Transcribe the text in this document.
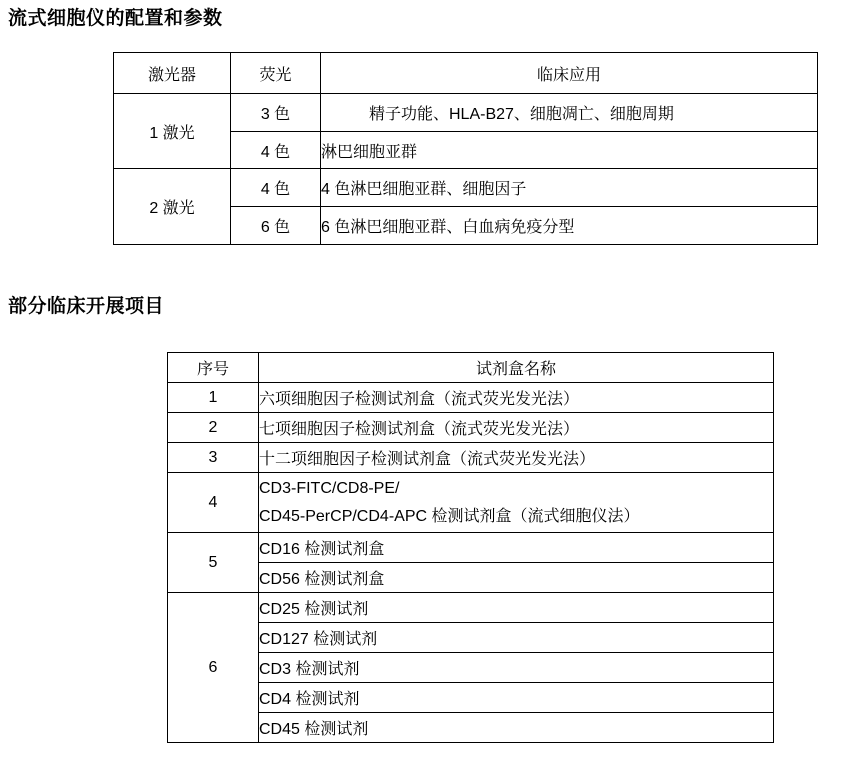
流式细胞仪的配置和参数
激光器	荧光	临床应用
1 激光	3 色	精子功能、HLA-B27、细胞凋亡、细胞周期
	4 色	淋巴细胞亚群
2 激光	4 色	4 色淋巴细胞亚群、细胞因子
	6 色	6 色淋巴细胞亚群、白血病免疫分型
部分临床开展项目
序号	试剂盒名称
1	六项细胞因子检测试剂盒（流式荧光发光法）
2	七项细胞因子检测试剂盒（流式荧光发光法）
3	十二项细胞因子检测试剂盒（流式荧光发光法）
4	CD3-FITC/CD8-PE/
CD45-PerCP/CD4-APC 检测试剂盒（流式细胞仪法）

5	CD16 检测试剂盒
	CD56 检测试剂盒
6	CD25 检测试剂
	CD127 检测试剂
	CD3 检测试剂
	CD4 检测试剂
	CD45 检测试剂
